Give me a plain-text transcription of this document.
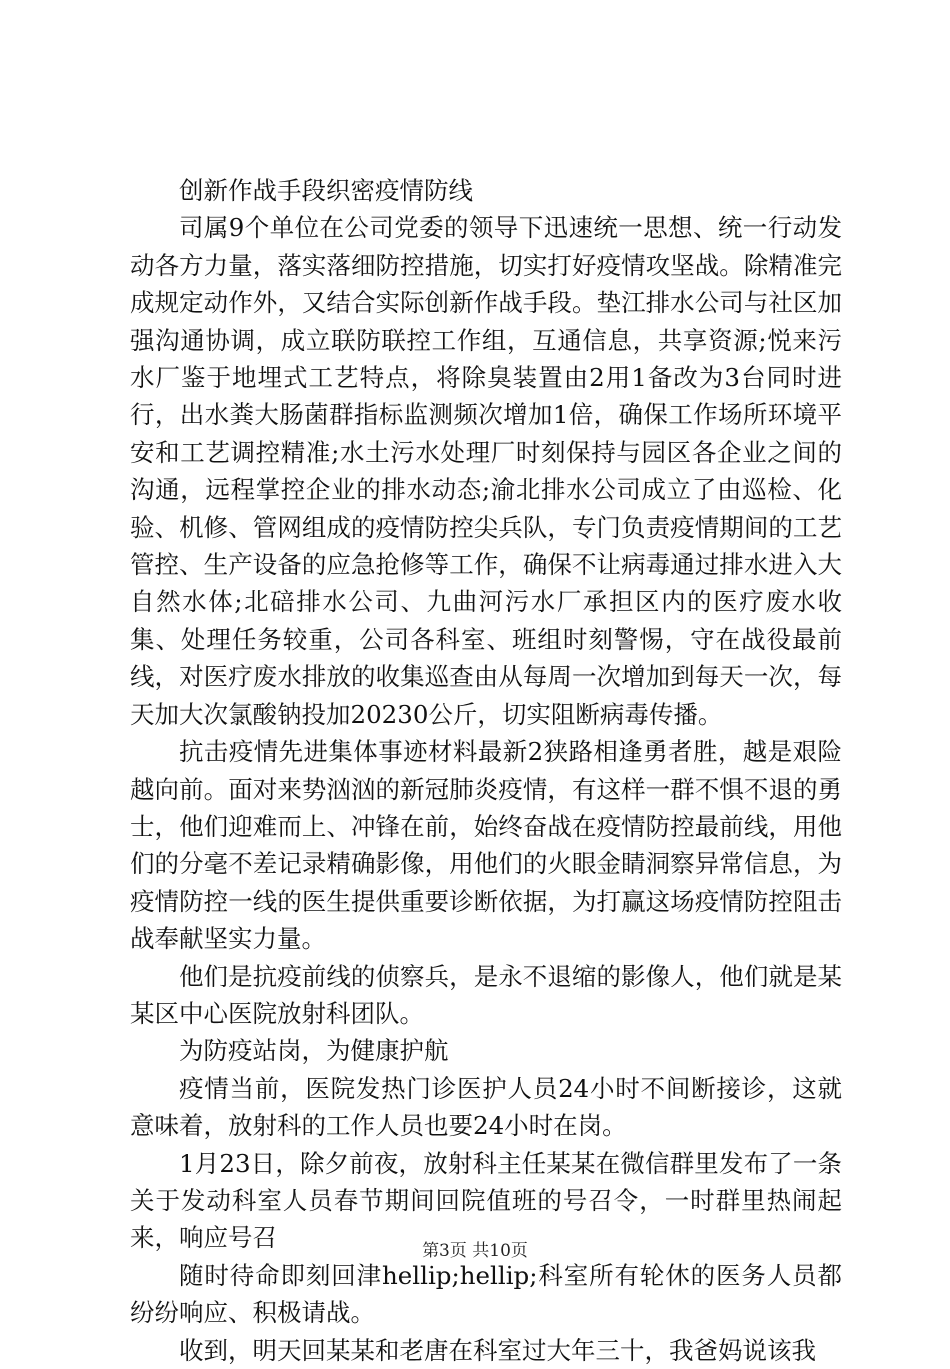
创新作战手段织密疫情防线

司属9个单位在公司党委的领导下迅速统一思想、统一行动发动各方力量，落实落细防控措施，切实打好疫情攻坚战。除精准完成规定动作外，又结合实际创新作战手段。垫江排水公司与社区加强沟通协调，成立联防联控工作组，互通信息，共享资源;悦来污水厂鉴于地埋式工艺特点，将除臭装置由2用1备改为3台同时进行，出水粪大肠菌群指标监测频次增加1倍，确保工作场所环境平安和工艺调控精准;水土污水处理厂时刻保持与园区各企业之间的沟通，远程掌控企业的排水动态;渝北排水公司成立了由巡检、化验、机修、管网组成的疫情防控尖兵队，专门负责疫情期间的工艺管控、生产设备的应急抢修等工作，确保不让病毒通过排水进入大自然水体;北碚排水公司、九曲河污水厂承担区内的医疗废水收集、处理任务较重，公司各科室、班组时刻警惕，守在战役最前线，对医疗废水排放的收集巡查由从每周一次增加到每天一次，每天加大次氯酸钠投加20230公斤，切实阻断病毒传播。

抗击疫情先进集体事迹材料最新2狭路相逢勇者胜，越是艰险越向前。面对来势汹汹的新冠肺炎疫情，有这样一群不惧不退的勇士，他们迎难而上、冲锋在前，始终奋战在疫情防控最前线，用他们的分毫不差记录精确影像，用他们的火眼金睛洞察异常信息，为疫情防控一线的医生提供重要诊断依据，为打赢这场疫情防控阻击战奉献坚实力量。

他们是抗疫前线的侦察兵，是永不退缩的影像人，他们就是某某区中心医院放射科团队。

为防疫站岗，为健康护航

疫情当前，医院发热门诊医护人员24小时不间断接诊，这就意味着，放射科的工作人员也要24小时在岗。

1月23日，除夕前夜，放射科主任某某在微信群里发布了一条关于发动科室人员春节期间回院值班的号召令，一时群里热闹起来，响应号召

随时待命即刻回津hellip;hellip;科室所有轮休的医务人员都纷纷响应、积极请战。

收到，明天回某某和老唐在科室过大年三十，我爸妈说该我

第3页 共10页
